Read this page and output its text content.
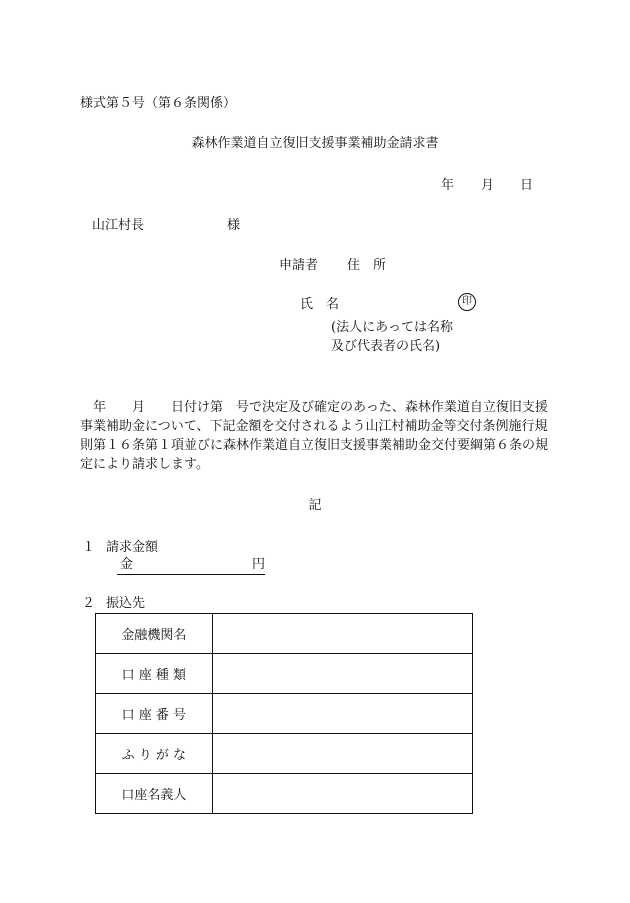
様式第５号（第６条関係）
森林作業道自立復旧支援事業補助金請求書
年 月 日
山江村長	様
申請者 住　所
氏　名	印
(法人にあっては名称及び代表者の氏名)
年　　月　　日付け第　号で決定及び確定のあった、森林作業道自立復旧支援事業補助金について、下記金額を交付されるよう山江村補助金等交付条例施行規則第１６条第１項並びに森林作業道自立復旧支援事業補助金交付要綱第６条の規定により請求します。
記
１ 請求金額
金	円
２ 振込先
金融機関名	
口 座 種 類	
口 座 番 号	
ふ り が な	
口座名義人	
